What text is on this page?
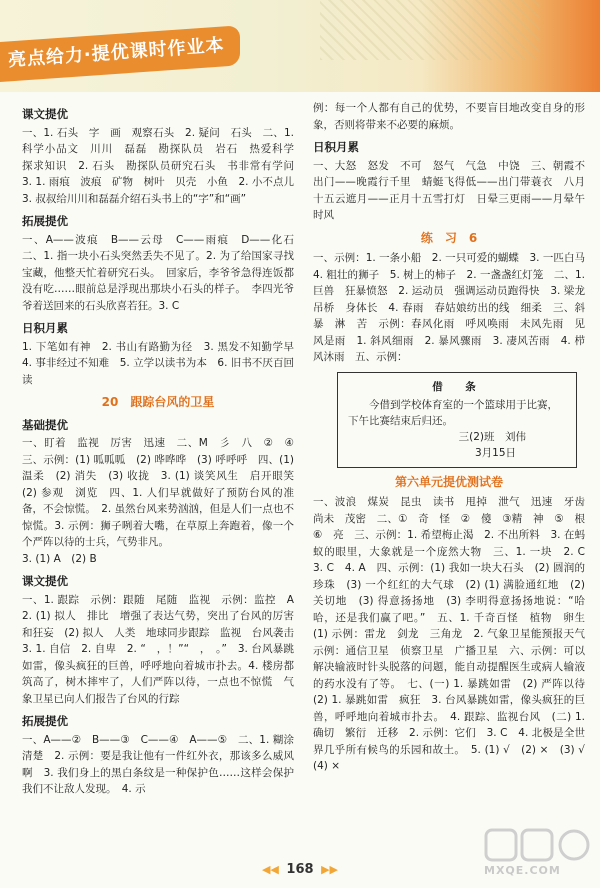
亮点给力·提优课时作业本
课文提优
一、1. 石头　字　画　观察石头　2. 疑问　石头　二、1. 科学小品文　川川　磊磊　勘探队员　岩石　热爱科学　探求知识　2. 石头　勘探队员研究石头　书非常有学问　3. 1. 雨痕　波痕　矿物　树叶　贝壳　小鱼　2. 小不点儿　3. 叔叔给川川和磊磊介绍石头书上的“字”和“画”
拓展提优
一、A——波痕　B——云母　C——雨痕　D——化石　二、1. 指一块小石头突然丢失不见了。2. 为了给国家寻找宝藏，他整天忙着研究石头。　回家后，李爷爷急得连饭都没有吃……眼前总是浮现出那块小石头的样子。　李四光爷爷着送回来的石头欣喜若狂。3. C
日积月累
1. 下笔如有神　2. 书山有路勤为径　3. 黑发不知勤学早　4. 事非经过不知难　5. 立学以读书为本　6. 旧书不厌百回读
20　跟踪台风的卫星
基础提优
一、盯着　监视　厉害　迅速　二、M　彡　八　②　④　三、示例：(1) 呱呱呱　(2) 哗哗哗　(3) 呼呼呼　四、(1) 温柔　(2) 消失　(3) 收拢　3. (1) 谈笑风生　启开眼笑　(2) 参观　浏览　四、1. 人们早就做好了预防台风的准备，不会惊慌。　2. 虽然台风来势汹汹，但是人们一点也不惊慌。3. 示例：狮子咧着大嘴，在草原上奔跑着，像一个个严阵以待的士兵，气势非凡。
3. (1) A　(2) B
课文提优
一、1. 跟踪　示例：跟随　尾随　监视　示例：监控　A　2. (1) 拟人　排比　增强了表达气势，突出了台风的厉害和狂妄　(2) 拟人　人类　地球同步跟踪　监视　台风袭击　3. 1. 自信　2. 自卑　2. “　，！”“　，　。”　3. 台风暴跳如雷，像头疯狂的巨兽，呼呼地向着城市扑去。4. 楼房都筑高了，树木摔牢了，人们严阵以待，一点也不惊慌　气象卫星已向人们报告了台风的行踪
拓展提优
一、A——②　B——③　C——④　A——⑤　二、1. 糊涂　清楚　2. 示例：要是我让他有一件红外衣，那该多么威风啊　3. 我们身上的黑白条纹是一种保护色……这样会保护我们不让敌人发现。　4. 示
例：每一个人都有自己的优势，不要盲目地改变自身的形象，否则将带来不必要的麻烦。
日积月累
一、大怒　怒发　不可　怒气　气急　中饶　三、朝霞不出门——晚霞行千里　蜻蜓飞得低——出门带蓑衣　八月十五云遮月——正月十五雪打灯　日晕三更雨——月晕午时风
练　习　6
一、示例：1. 一条小船　2. 一只可爱的蝴蝶　3. 一匹白马　4. 粗壮的狮子　5. 树上的柿子　2. 一盏盏红灯笼　二、1. 巨兽　狂暴愤怒　2. 运动员　强调运动员跑得快　3. 梁龙　吊桥　身体长　4. 春雨　春姑娘纺出的线　细柔　三、斜　暴　淋　苦　示例：春风化雨　呼风唤雨　未风先雨　见风是雨　1. 斜风细雨　2. 暴风骤雨　3. 凄风苦雨　4. 栉风沐雨　五、示例：
借　条
今借到学校体育室的一个篮球用于比赛，下午比赛结束后归还。
三(2)班　刘伟
3月15日
第六单元提优测试卷
一、波浪　煤炭　昆虫　读书　甩掉　泄气　迅速　牙齿　尚未　茂密　二、①　奇　怪　②　傻　③精　神　⑤　根　⑥　亮　三、示例：1. 希望梅止渴　2. 不出所料　3. 在蚂蚁的眼里，大象就是一个庞然大物　三、1. 一块　2. C　3. C　4. A　四、示例：(1) 我如一块大石头　(2) 圆润的珍珠　(3) 一个红红的大气球　(2) (1) 满脸通红地　(2) 关切地　(3) 得意扬扬地　(3) 李明得意扬扬地说：“哈哈，还是我们赢了吧。”　五、1. 千奇百怪　植物　卵生　(1) 示例：雷龙　剑龙　三角龙　2. 气象卫星能预报天气　示例：通信卫星　侦察卫星　广播卫星　六、示例：可以解决输液时针头脱落的问题，能自动提醒医生或病人输液的药水没有了等。　七、(一) 1. 暴跳如雷　(2) 严阵以待　(2) 1. 暴跳如雷　疯狂　3. 台风暴跳如雷，像头疯狂的巨兽，呼呼地向着城市扑去。　4. 跟踪、监视台风　(二) 1. 确切　繁衍　迁移　2. 示例：它们　3. C　4. 北极是全世界几乎所有候鸟的乐园和故土。　5. (1) √　(2) ×　(3) √　(4) ×
◀◀ 168 ▶▶	MXQE.COM
